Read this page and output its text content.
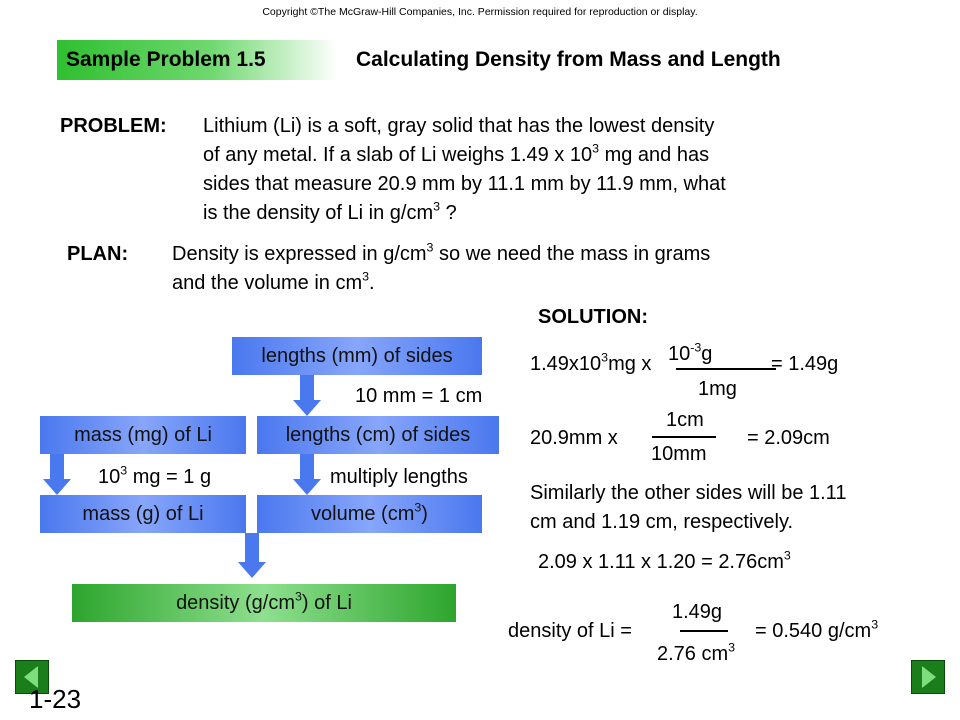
Copyright ©The McGraw-Hill Companies, Inc. Permission required for reproduction or display.
Sample Problem 1.5	Calculating Density from Mass and Length
PROBLEM: Lithium (Li) is a soft, gray solid that has the lowest density
of any metal. If a slab of Li weighs 1.49 x $10^3$ mg and has
sides that measure 20.9 mm by 11.1 mm by 11.9 mm, what
is the density of Li in $g/cm^3$ ?
PLAN: Density is expressed in $g/cm^3$ so we need the mass in grams
and the volume in $cm^3$.
lengths (mm) of sides
10 mm = 1 cm
mass (mg) of Li	lengths (cm) of sides
$10^3$ mg = 1 g	multiply lengths
mass (g) of Li	volume $(cm^3)$
density $(g/cm^3)$ of Li
SOLUTION:
$1.49x10^3mg$ x $10^{-3}g$
1mg
= 1.49g
20.9mm x
1cm
10mm
= 2.09cm
Similarly the other sides will be 1.11
cm and 1.19 cm, respectively.
2.09 x 1.11 x $1.20 = 2.76cm^3$
density of Li =
1.49g
2.76 $cm^3$
= 0.540 $g/cm^3$
1-23
